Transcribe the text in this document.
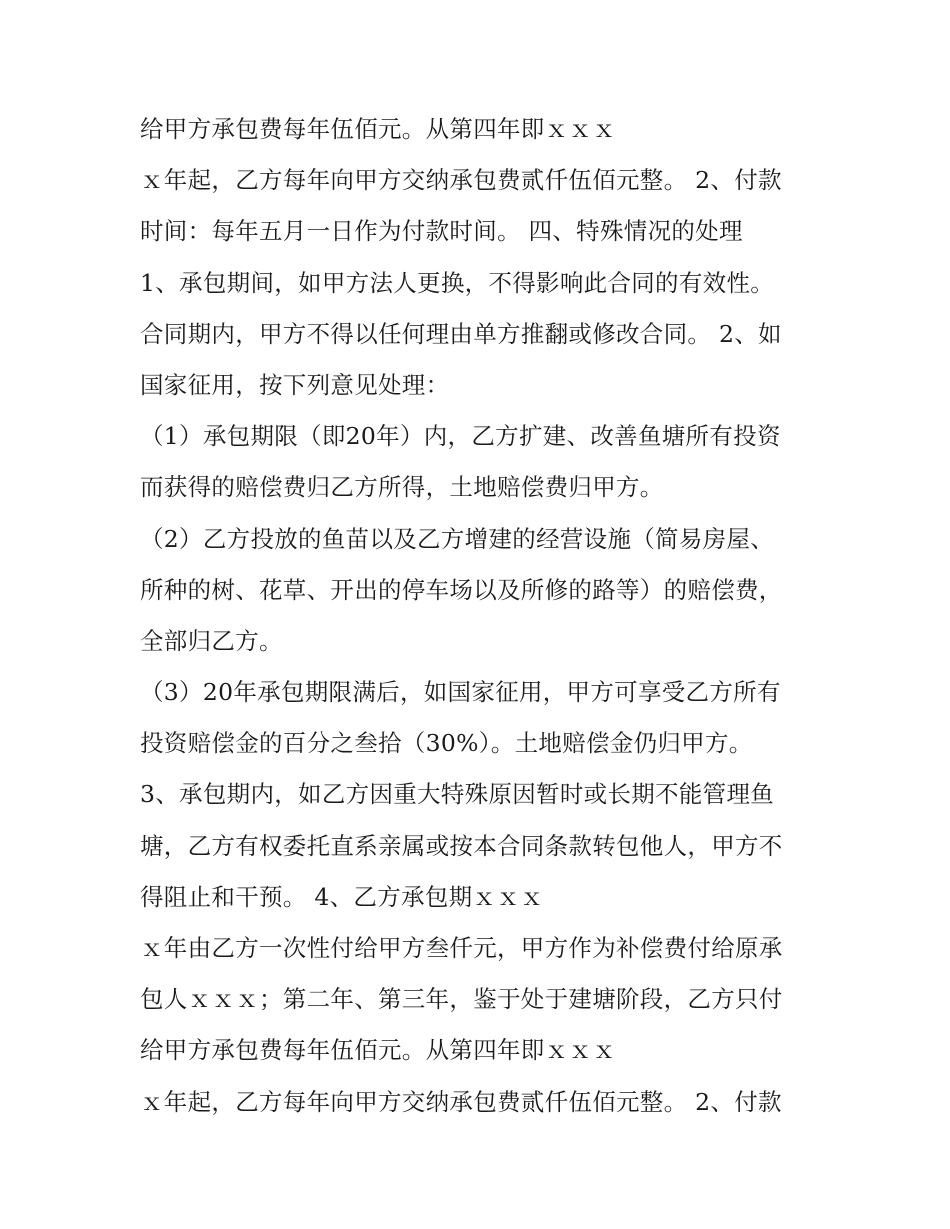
给甲方承包费每年伍佰元。从第四年即ｘｘｘ
ｘ年起，乙方每年向甲方交纳承包费贰仟伍佰元整。 2、付款
时间：每年五月一日作为付款时间。 四、特殊情况的处理
1、承包期间，如甲方法人更换，不得影响此合同的有效性。
合同期内，甲方不得以任何理由单方推翻或修改合同。 2、如
国家征用，按下列意见处理：
（1）承包期限（即20年）内，乙方扩建、改善鱼塘所有投资
而获得的赔偿费归乙方所得，土地赔偿费归甲方。
（2）乙方投放的鱼苗以及乙方增建的经营设施（简易房屋、
所种的树、花草、开出的停车场以及所修的路等）的赔偿费，
全部归乙方。
（3）20年承包期限满后，如国家征用，甲方可享受乙方所有
投资赔偿金的百分之叁拾（30%）。土地赔偿金仍归甲方。
3、承包期内，如乙方因重大特殊原因暂时或长期不能管理鱼
塘，乙方有权委托直系亲属或按本合同条款转包他人，甲方不
得阻止和干预。 4、乙方承包期ｘｘｘ
ｘ年由乙方一次性付给甲方叁仟元，甲方作为补偿费付给原承
包人ｘｘｘ；第二年、第三年，鉴于处于建塘阶段，乙方只付
给甲方承包费每年伍佰元。从第四年即ｘｘｘ
ｘ年起，乙方每年向甲方交纳承包费贰仟伍佰元整。 2、付款
